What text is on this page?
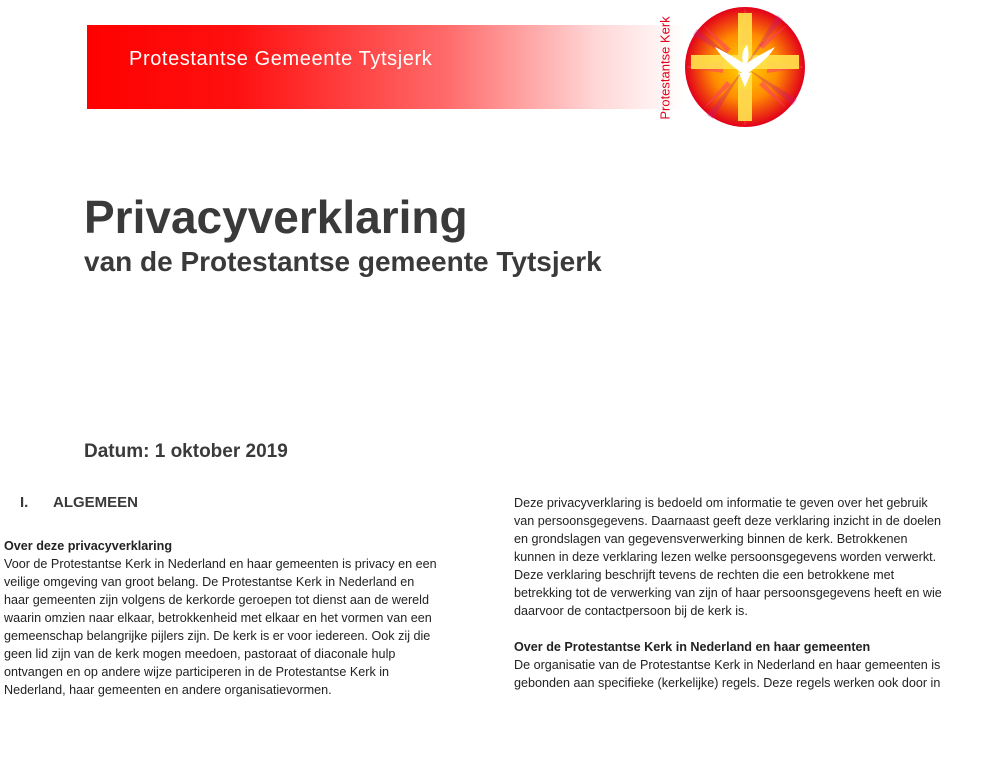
Protestantse Gemeente Tytsjerk	Protestantse Kerk
Privacyverklaring
van de Protestantse gemeente Tytsjerk
Datum: 1 oktober 2019
I. ALGEMEEN
Over deze privacyverklaring

Voor de Protestantse Kerk in Nederland en haar gemeenten is privacy en een
veilige omgeving van groot belang. De Protestantse Kerk in Nederland en
haar gemeenten zijn volgens de kerkorde geroepen tot dienst aan de wereld
waarin omzien naar elkaar, betrokkenheid met elkaar en het vormen van een
gemeenschap belangrijke pijlers zijn. De kerk is er voor iedereen. Ook zij die
geen lid zijn van de kerk mogen meedoen, pastoraat of diaconale hulp
ontvangen en op andere wijze participeren in de Protestantse Kerk in
Nederland, haar gemeenten en andere organisatievormen.

Deze privacyverklaring is bedoeld om informatie te geven over het gebruik
van persoonsgegevens. Daarnaast geeft deze verklaring inzicht in de doelen
en grondslagen van gegevensverwerking binnen de kerk. Betrokkenen
kunnen in deze verklaring lezen welke persoonsgegevens worden verwerkt.
Deze verklaring beschrijft tevens de rechten die een betrokkene met
betrekking tot de verwerking van zijn of haar persoonsgegevens heeft en wie
daarvoor de contactpersoon bij de kerk is.

Over de Protestantse Kerk in Nederland en haar gemeenten

De organisatie van de Protestantse Kerk in Nederland en haar gemeenten is
gebonden aan specifieke (kerkelijke) regels. Deze regels werken ook door in
